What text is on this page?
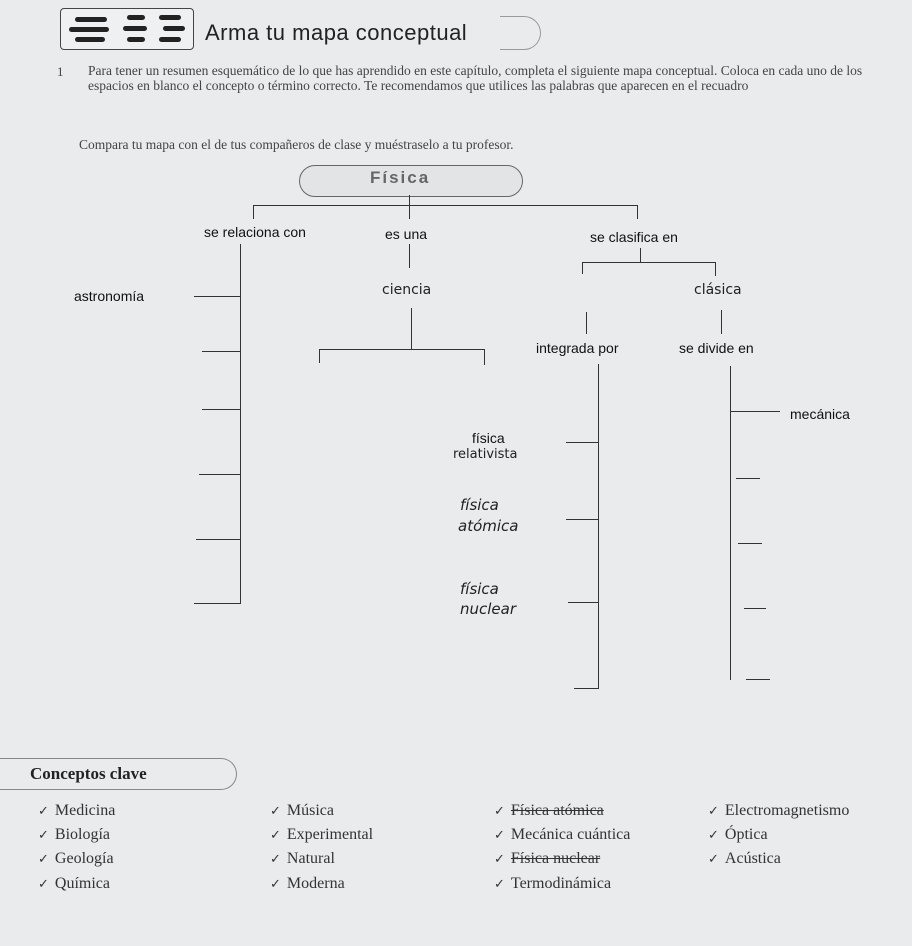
Arma tu mapa conceptual
1 Para tener un resumen esquemático de lo que has aprendido en este capítulo, completa el siguiente mapa conceptual. Coloca en cada uno de los espacios en blanco el concepto o término correcto. Te recomendamos que utilices las palabras que aparecen en el recuadro
Compara tu mapa con el de tus compañeros de clase y muéstraselo a tu profesor.
Física
se relaciona con	es una	se clasifica en
astronomía	ciencia	clásica
integrada por	se divide en
física
relativista
física
atómica
física
nuclear
mecánica
Conceptos clave
✓ Medicina
✓ Biología
✓ Geología
✓ Química
✓ Música
✓ Experimental
✓ Natural
✓ Moderna
✓ Física atómica
✓ Mecánica cuántica
✓ Física nuclear
✓ Termodinámica
✓ Electromagnetismo
✓ Óptica
✓ Acústica
